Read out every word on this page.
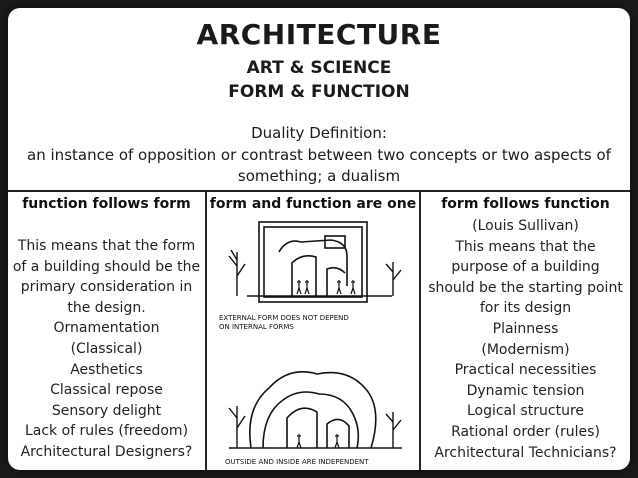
ARCHITECTURE
ART & SCIENCE
FORM & FUNCTION
Duality Definition:
an instance of opposition or contrast between two concepts or two aspects of
something; a dualism
function follows form
This means that the form
of a building should be the
primary consideration in
the design.
Ornamentation
(Classical)
Aesthetics
Classical repose
Sensory delight
Lack of rules (freedom)
Architectural Designers?
form and function are one
EXTERNAL FORM DOES NOT DEPEND
ON INTERNAL FORMS
OUTSIDE AND INSIDE ARE INDEPENDENT
form follows function
(Louis Sullivan)
This means that the
purpose of a building
should be the starting point
for its design
Plainness
(Modernism)
Practical necessities
Dynamic tension
Logical structure
Rational order (rules)
Architectural Technicians?
